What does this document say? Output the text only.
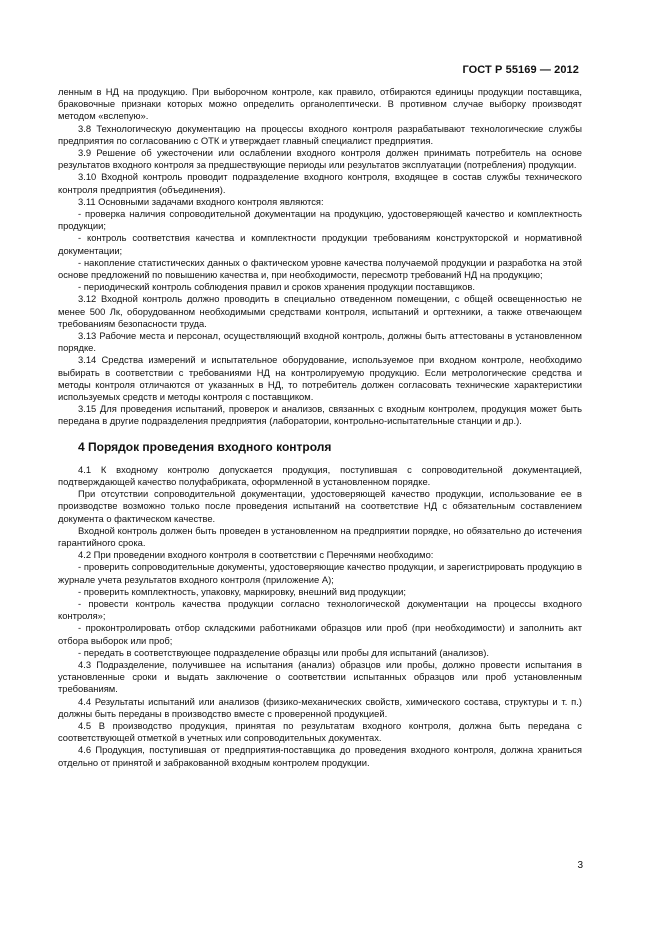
ГОСТ Р 55169 — 2012

ленным в НД на продукцию. При выборочном контроле, как правило, отбираются единицы продукции поставщика, браковочные признаки которых можно определить органолептически. В противном случае выборку производят методом «вслепую».

3.8 Технологическую документацию на процессы входного контроля разрабатывают технологические службы предприятия по согласованию с ОТК и утверждает главный специалист предприятия.

3.9 Решение об ужесточении или ослаблении входного контроля должен принимать потребитель на основе результатов входного контроля за предшествующие периоды или результатов эксплуатации (потребления) продукции.

3.10 Входной контроль проводит подразделение входного контроля, входящее в состав службы технического контроля предприятия (объединения).

3.11 Основными задачами входного контроля являются:

- проверка наличия сопроводительной документации на продукцию, удостоверяющей качество и комплектность продукции;

- контроль соответствия качества и комплектности продукции требованиям конструкторской и нормативной документации;

- накопление статистических данных о фактическом уровне качества получаемой продукции и разработка на этой основе предложений по повышению качества и, при необходимости, пересмотр требований НД на продукцию;

- периодический контроль соблюдения правил и сроков хранения продукции поставщиков.

3.12 Входной контроль должно проводить в специально отведенном помещении, с общей освещенностью не менее 500 Лк, оборудованном необходимыми средствами контроля, испытаний и оргтехники, а также отвечающем требованиям безопасности труда.

3.13 Рабочие места и персонал, осуществляющий входной контроль, должны быть аттестованы в установленном порядке.

3.14 Средства измерений и испытательное оборудование, используемое при входном контроле, необходимо выбирать в соответствии с требованиями НД на контролируемую продукцию. Если метрологические средства и методы контроля отличаются от указанных в НД, то потребитель должен согласовать технические характеристики используемых средств и методы контроля с поставщиком.

3.15 Для проведения испытаний, проверок и анализов, связанных с входным контролем, продукция может быть передана в другие подразделения предприятия (лаборатории, контрольно-испытательные станции и др.).

4 Порядок проведения входного контроля

4.1 К входному контролю допускается продукция, поступившая с сопроводительной документацией, подтверждающей качество полуфабриката, оформленной в установленном порядке.

При отсутствии сопроводительной документации, удостоверяющей качество продукции, использование ее в производстве возможно только после проведения испытаний на соответствие НД с обязательным составлением документа о фактическом качестве.

Входной контроль должен быть проведен в установленном на предприятии порядке, но обязательно до истечения гарантийного срока.

4.2 При проведении входного контроля в соответствии с Перечнями необходимо:

- проверить сопроводительные документы, удостоверяющие качество продукции, и зарегистрировать продукцию в журнале учета результатов входного контроля (приложение А);

- проверить комплектность, упаковку, маркировку, внешний вид продукции;

- провести контроль качества продукции согласно технологической документации на процессы входного контроля»;

- проконтролировать отбор складскими работниками образцов или проб (при необходимости) и заполнить акт отбора выборок или проб;

- передать в соответствующее подразделение образцы или пробы для испытаний (анализов).

4.3 Подразделение, получившее на испытания (анализ) образцов или пробы, должно провести испытания в установленные сроки и выдать заключение о соответствии испытанных образцов или проб установленным требованиям.

4.4 Результаты испытаний или анализов (физико-механических свойств, химического состава, структуры и т. п.) должны быть переданы в производство вместе с проверенной продукцией.

4.5 В производство продукция, принятая по результатам входного контроля, должна быть передана с соответствующей отметкой в учетных или сопроводительных документах.

4.6 Продукция, поступившая от предприятия-поставщика до проведения входного контроля, должна храниться отдельно от принятой и забракованной входным контролем продукции.

3
